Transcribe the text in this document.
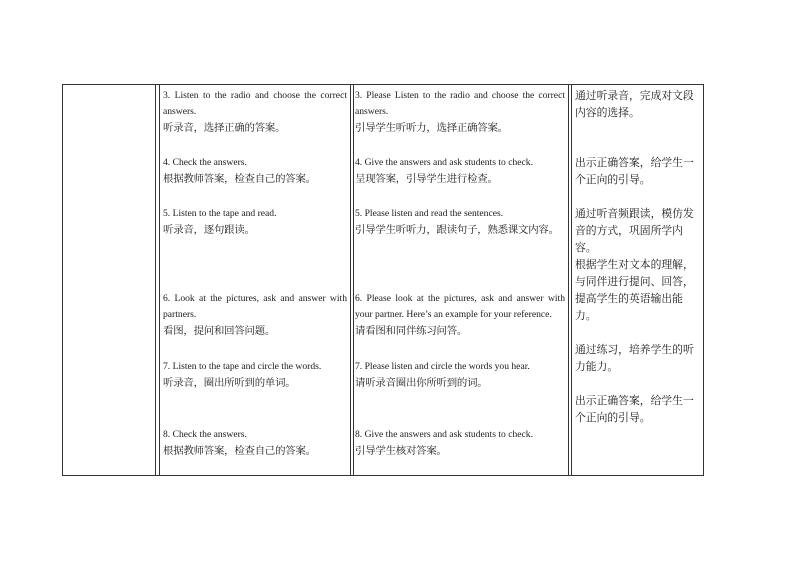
3. Listen to the radio and choose the correct answers.
听录音，选择正确的答案。
4. Check the answers.
根据教师答案，检查自己的答案。
5. Listen to the tape and read.
听录音，逐句跟读。
6. Look at the pictures, ask and answer with partners.
看图，提问和回答问题。
7. Listen to the tape and circle the words.
听录音，圈出所听到的单词。
8. Check the answers.
根据教师答案，检查自己的答案。
3. Please Listen to the radio and choose the correct answers.
引导学生听听力，选择正确答案。
4. Give the answers and ask students to check.
呈现答案，引导学生进行检查。
5. Please listen and read the sentences.
引导学生听听力，跟读句子，熟悉课文内容。
6. Please look at the pictures, ask and answer with your partner. Here’s an example for your reference.
请看图和同伴练习问答。
7. Please listen and circle the words you hear.
请听录音圈出你所听到的词。
8. Give the answers and ask students to check.
引导学生核对答案。
通过听录音，完成对文段内容的选择。
出示正确答案，给学生一个正向的引导。
通过听音频跟读，模仿发音的方式，巩固所学内容。
根据学生对文本的理解，与同伴进行提问、回答，提高学生的英语输出能力。
通过练习，培养学生的听力能力。
出示正确答案，给学生一个正向的引导。
